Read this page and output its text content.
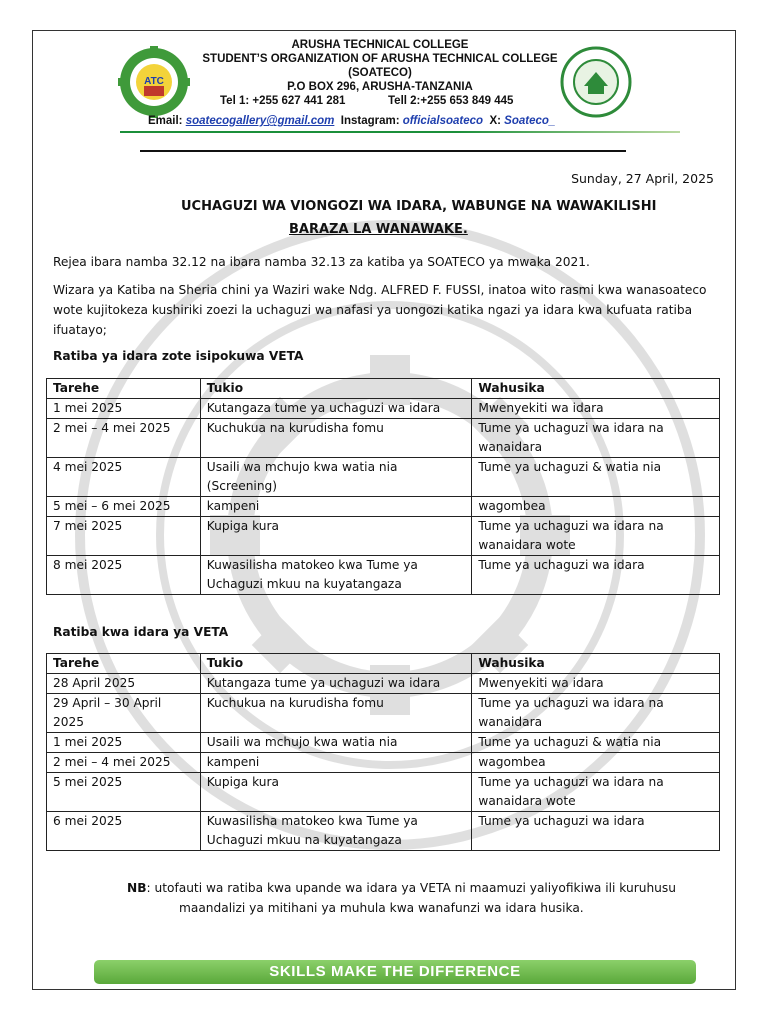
ATC
ARUSHA TECHNICAL COLLEGE
STUDENT’S ORGANIZATION OF ARUSHA TECHNICAL COLLEGE
(SOATECO)
P.O BOX 296, ARUSHA-TANZANIA
Tel 1: +255 627 441 281	Tell 2:+255 653 849 445
Email: soatecogallery@gmail.com Instagram: officialsoateco X: Soateco_
Sunday, 27 April, 2025
UCHAGUZI WA VIONGOZI WA IDARA, WABUNGE NA WAWAKILISHI
BARAZA LA WANAWAKE.
Rejea ibara namba 32.12 na ibara namba 32.13 za katiba ya SOATECO ya mwaka 2021.
Wizara ya Katiba na Sheria chini ya Waziri wake Ndg. ALFRED F. FUSSI, inatoa wito rasmi kwa wanasoateco wote kujitokeza kushiriki zoezi la uchaguzi wa nafasi ya uongozi katika ngazi ya idara kwa kufuata ratiba ifuatayo;
Ratiba ya idara zote isipokuwa VETA
Tarehe	Tukio	Wahusika
1 mei 2025	Kutangaza tume ya uchaguzi wa idara	Mwenyekiti wa idara
2 mei – 4 mei 2025	Kuchukua na kurudisha fomu	Tume ya uchaguzi wa idara na wanaidara
4 mei 2025	Usaili wa mchujo kwa watia nia (Screening)	Tume ya uchaguzi & watia nia
5 mei – 6 mei 2025	kampeni	wagombea
7 mei 2025	Kupiga kura	Tume ya uchaguzi wa idara na wanaidara wote
8 mei 2025	Kuwasilisha matokeo kwa Tume ya Uchaguzi mkuu na kuyatangaza	Tume ya uchaguzi wa idara
Ratiba kwa idara ya VETA
Tarehe	Tukio	Wahusika
28 April 2025	Kutangaza tume ya uchaguzi wa idara	Mwenyekiti wa idara
29 April – 30 April 2025	Kuchukua na kurudisha fomu	Tume ya uchaguzi wa idara na wanaidara
1 mei 2025	Usaili wa mchujo kwa watia nia	Tume ya uchaguzi & watia nia
2 mei – 4 mei 2025	kampeni	wagombea
5 mei 2025	Kupiga kura	Tume ya uchaguzi wa idara na wanaidara wote
6 mei 2025	Kuwasilisha matokeo kwa Tume ya Uchaguzi mkuu na kuyatangaza	Tume ya uchaguzi wa idara
NB: utofauti wa ratiba kwa upande wa idara ya VETA ni maamuzi yaliyofikiwa ili kuruhusu
maandalizi ya mitihani ya muhula kwa wanafunzi wa idara husika.
SKILLS MAKE THE DIFFERENCE
